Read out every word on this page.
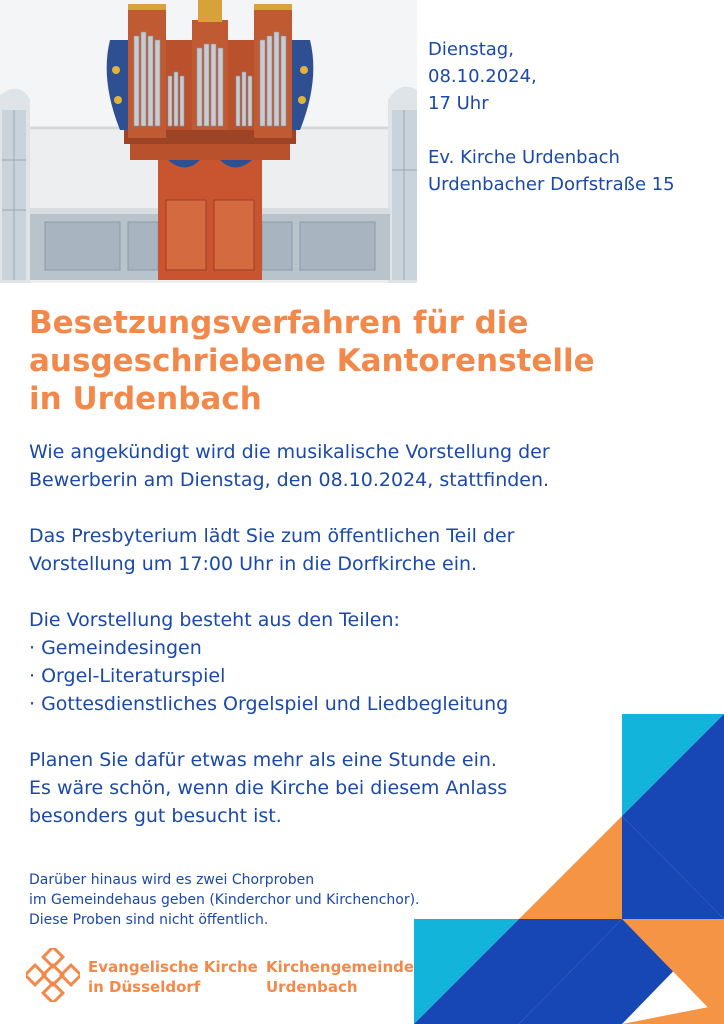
Dienstag,
08.10.2024,
17 Uhr
Ev. Kirche Urdenbach
Urdenbacher Dorfstraße 15
Besetzungsverfahren für die
ausgeschriebene Kantorenstelle
in Urdenbach

Wie angekündigt wird die musikalische Vorstellung der
Bewerberin am Dienstag, den 08.10.2024, stattfinden.

Das Presbyterium lädt Sie zum öffentlichen Teil der
Vorstellung um 17:00 Uhr in die Dorfkirche ein.

Die Vorstellung besteht aus den Teilen:
· Gemeindesingen
· Orgel-Literaturspiel
· Gottesdienstliches Orgelspiel und Liedbegleitung

Planen Sie dafür etwas mehr als eine Stunde ein.
Es wäre schön, wenn die Kirche bei diesem Anlass
besonders gut besucht ist.

Darüber hinaus wird es zwei Chorproben
im Gemeindehaus geben (Kinderchor und Kirchenchor).
Diese Proben sind nicht öffentlich.
Evangelische Kirche
in Düsseldorf
Kirchengemeinde
Urdenbach
